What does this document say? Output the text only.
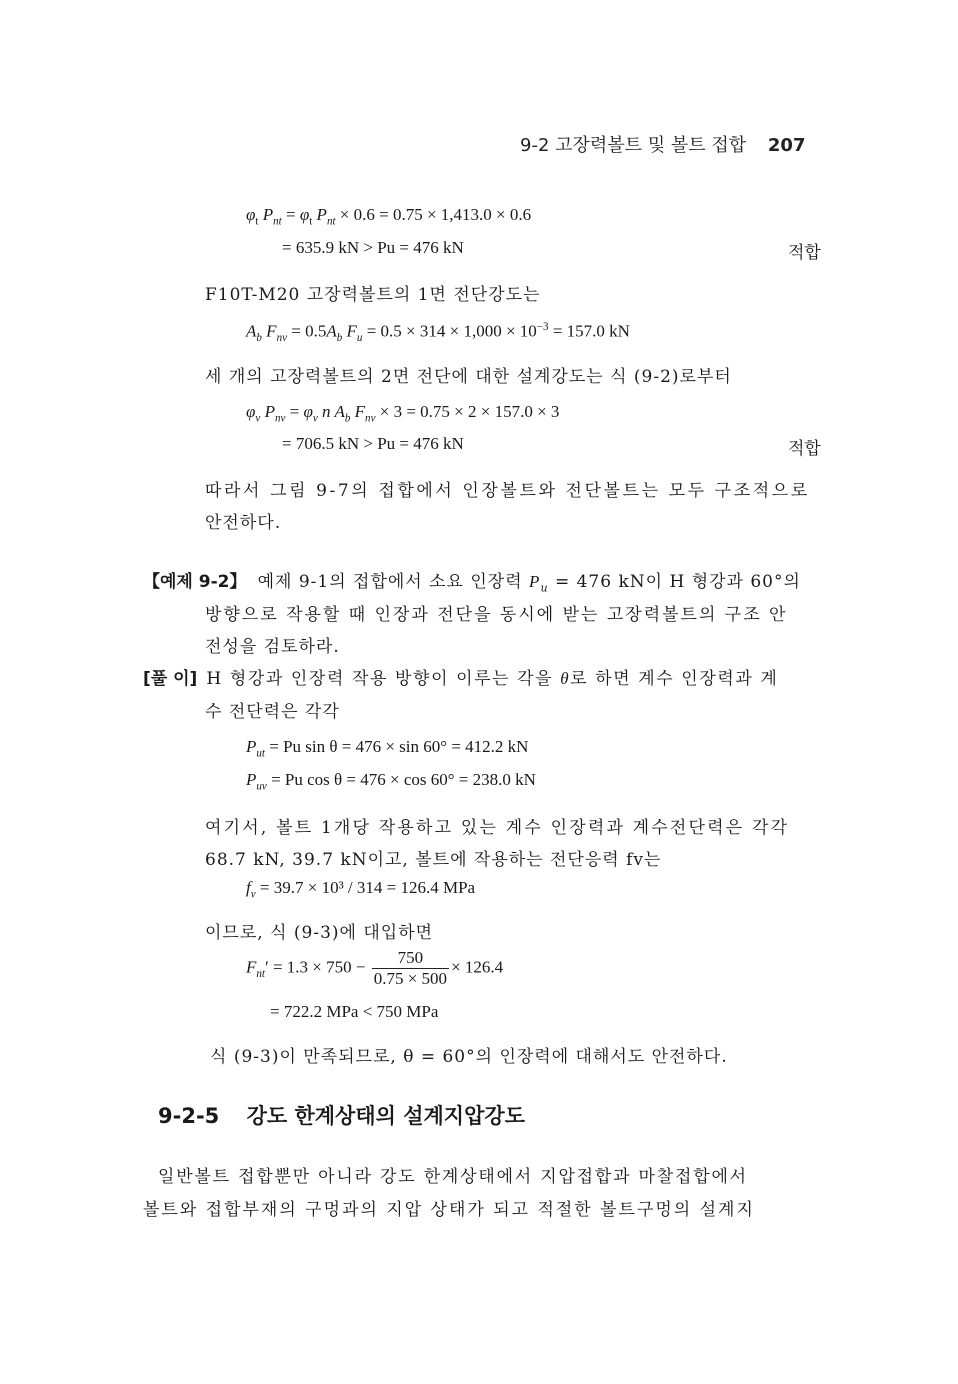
9-2 고장력볼트 및 볼트 접합 207
$\varphi_t$ $P_{nt} = \varphi_t$ $P_{nt} \times 0.6 = 0.75 \times 1,413.0 \times 0.6$
= 635.9 kN > Pu = 476 kN	적합
F10T-M20 고장력볼트의 1면 전단강도는
$A_b$ $F_{nv} = 0.5A_b$ $F_u = 0.5 \times 314 \times 1,000 \times 10^{-3} = 157.0$ kN
세 개의 고장력볼트의 2면 전단에 대한 설계강도는 식 (9-2)로부터
$\varphi_v$ $P_{nv} = \varphi_v$ n $A_b$ $F_{nv} \times 3 = 0.75 \times 2 \times 157.0 \times 3$
= 706.5 kN > Pu = 476 kN	적합
따라서 그림 9-7의 접합에서 인장볼트와 전단볼트는 모두 구조적으로
안전하다.
【예제 9-2】 예제 9-1의 접합에서 소요 인장력 $P_u = 476$ kN이 H 형강과 60°의
방향으로 작용할 때 인장과 전단을 동시에 받는 고장력볼트의 구조 안
전성을 검토하라.
[풀 이] H 형강과 인장력 작용 방향이 이루는 각을 θ로 하면 계수 인장력과 계
수 전단력은 각각
$P_{ut} = Pu$ sin θ = 476 × sin 60° = 412.2 kN
$P_{uv} = Pu$ cos θ = 476 × cos 60° = 238.0 kN
여기서, 볼트 1개당 작용하고 있는 계수 인장력과 계수전단력은 각각
68.7 kN, 39.7 kN이고, 볼트에 작용하는 전단응력 fv는
$f_v = 39.7 \times 10^3 / 314 = 126.4$ MPa
이므로, 식 (9-3)에 대입하면
$F_{nt}' = 1.3 \times 750 - \frac{750}{0.75 \times 500} \times 126.4$
= 722.2 MPa < 750 MPa
식 (9-3)이 만족되므로, θ = 60°의 인장력에 대해서도 안전하다.
9-2-5 강도 한계상태의 설계지압강도
일반볼트 접합뿐만 아니라 강도 한계상태에서 지압접합과 마찰접합에서
볼트와 접합부재의 구멍과의 지압 상태가 되고 적절한 볼트구멍의 설계지
